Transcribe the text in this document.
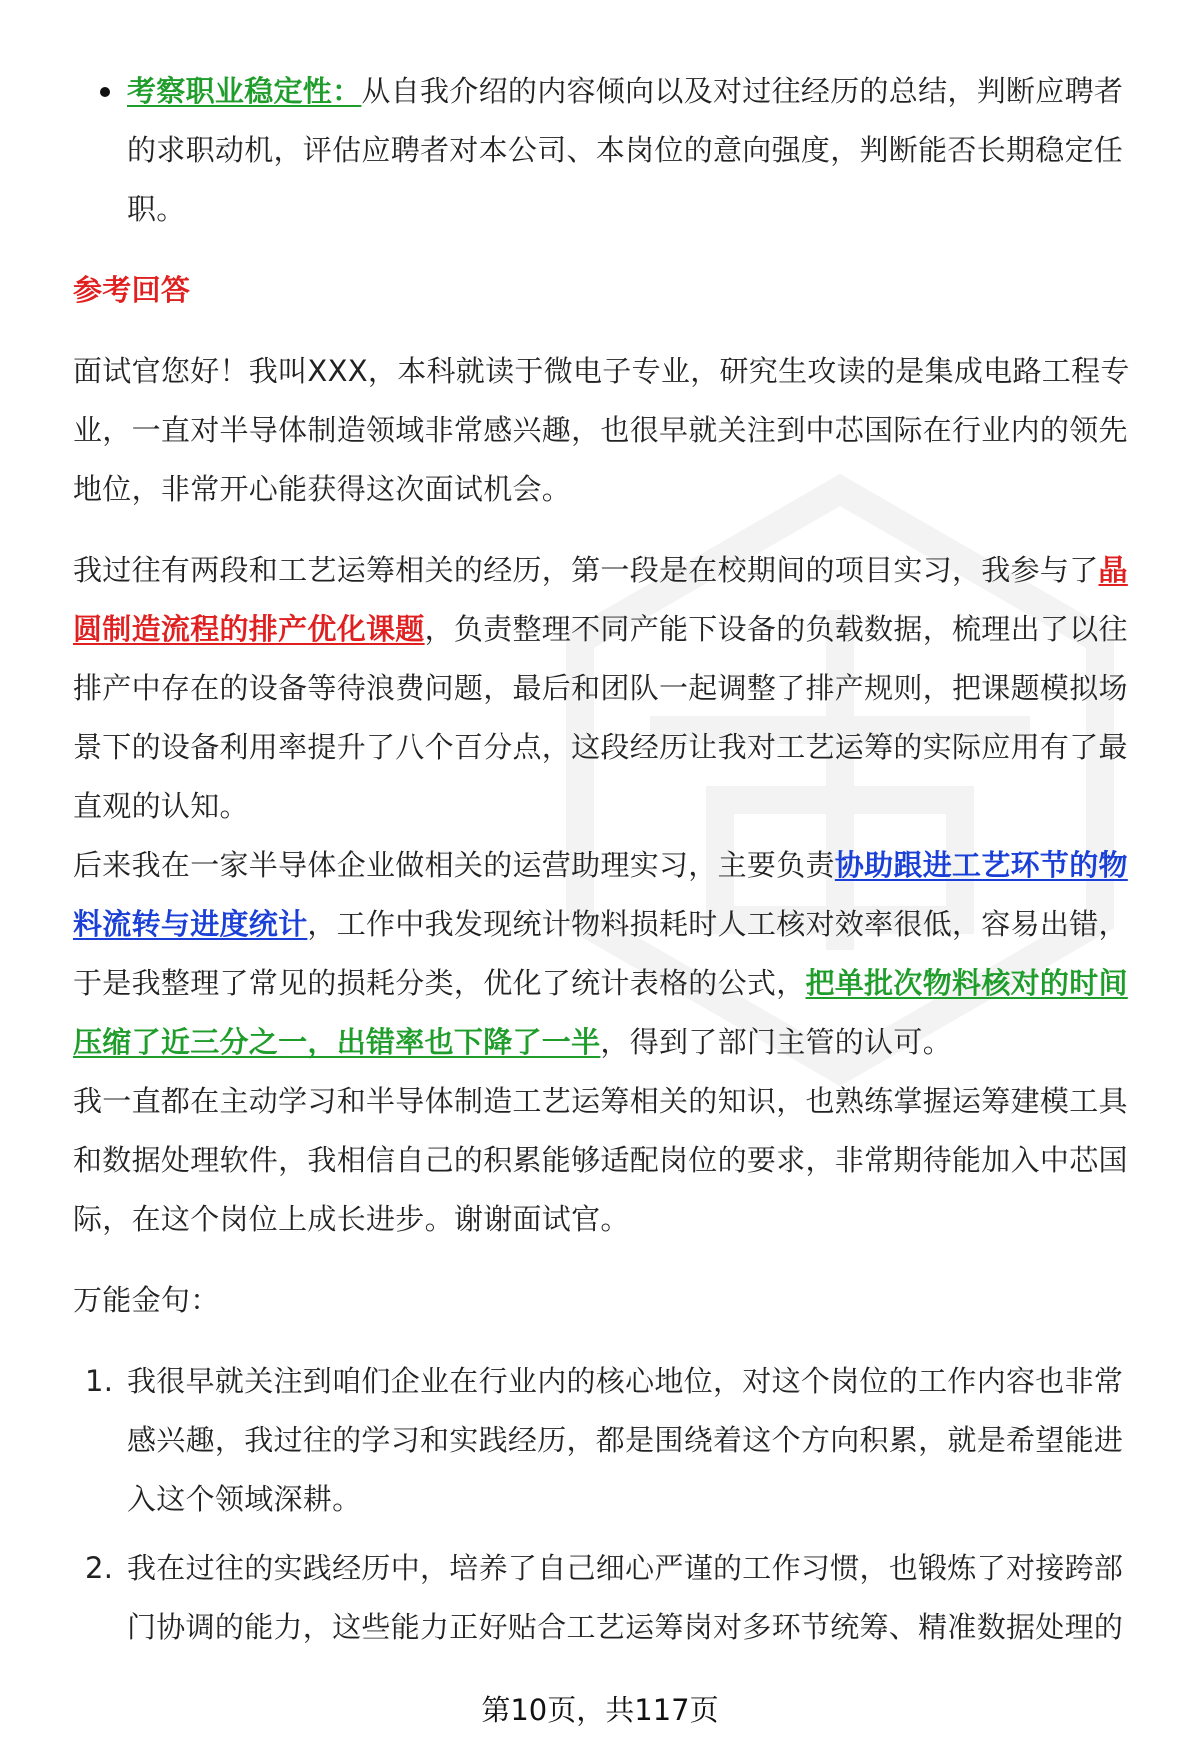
考察职业稳定性：从自我介绍的内容倾向以及对过往经历的总结，判断应聘者的求职动机，评估应聘者对本公司、本岗位的意向强度，判断能否长期稳定任职。
参考回答

面试官您好！我叫XXX，本科就读于微电子专业，研究生攻读的是集成电路工程专业，一直对半导体制造领域非常感兴趣，也很早就关注到中芯国际在行业内的领先地位，非常开心能获得这次面试机会。

我过往有两段和工艺运筹相关的经历，第一段是在校期间的项目实习，我参与了晶圆制造流程的排产优化课题，负责整理不同产能下设备的负载数据，梳理出了以往排产中存在的设备等待浪费问题，最后和团队一起调整了排产规则，把课题模拟场景下的设备利用率提升了八个百分点，这段经历让我对工艺运筹的实际应用有了最直观的认知。

后来我在一家半导体企业做相关的运营助理实习，主要负责协助跟进工艺环节的物料流转与进度统计，工作中我发现统计物料损耗时人工核对效率很低，容易出错，于是我整理了常见的损耗分类，优化了统计表格的公式，把单批次物料核对的时间压缩了近三分之一，出错率也下降了一半，得到了部门主管的认可。

我一直都在主动学习和半导体制造工艺运筹相关的知识，也熟练掌握运筹建模工具和数据处理软件，我相信自己的积累能够适配岗位的要求，非常期待能加入中芯国际，在这个岗位上成长进步。谢谢面试官。

万能金句：

1. 我很早就关注到咱们企业在行业内的核心地位，对这个岗位的工作内容也非常感兴趣，我过往的学习和实践经历，都是围绕着这个方向积累，就是希望能进入这个领域深耕。
2. 我在过往的实践经历中，培养了自己细心严谨的工作习惯，也锻炼了对接跨部门协调的能力，这些能力正好贴合工艺运筹岗对多环节统筹、精准数据处理的
第10页，共117页
